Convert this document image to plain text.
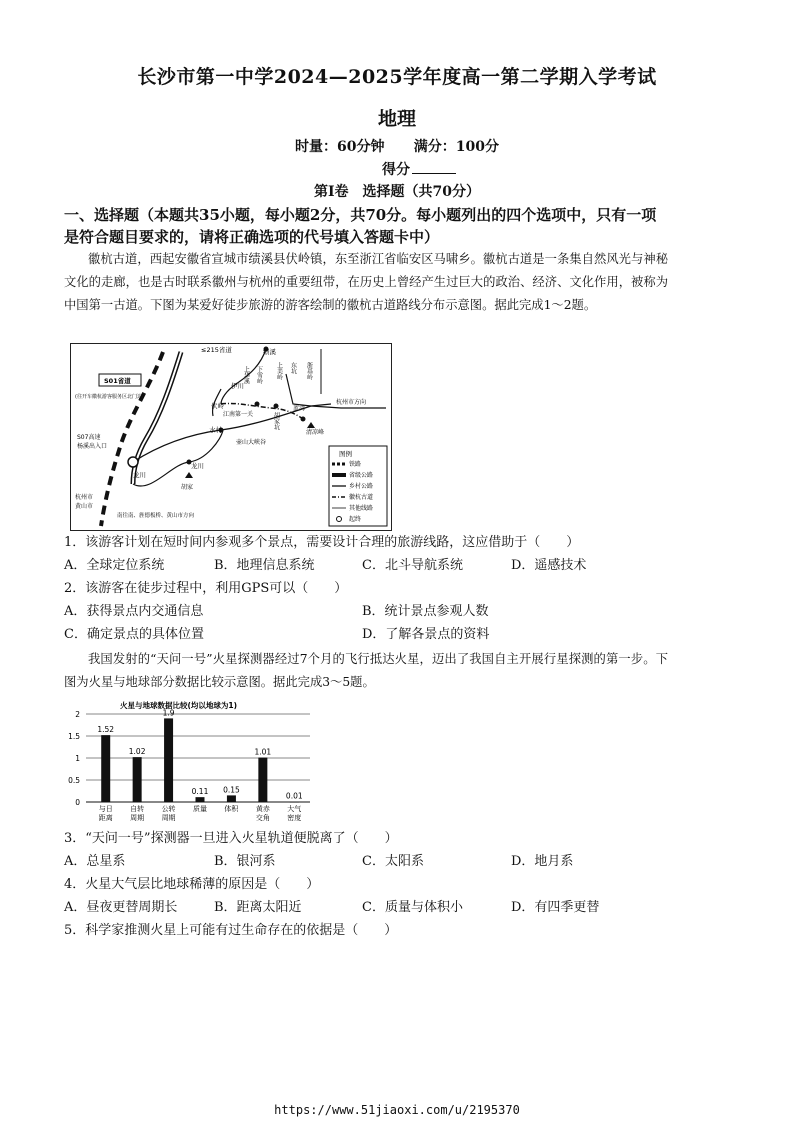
长沙市第一中学2024—2025学年度高一第二学期入学考试
地理
时量：60分钟      满分：100分
得分
第Ⅰ卷　选择题（共70分）
一、选择题（本题共35小题，每小题2分，共70分。每小题列出的四个选项中，只有一项
是符合题目要求的，请将正确选项的代号填入答题卡中）
徽杭古道，西起安徽省宣城市绩溪县伏岭镇，东至浙江省临安区马啸乡。徽杭古道是一条集自然风光与神秘文化的走廊，也是古时联系徽州与杭州的重要纽带，在历史上曾经产生过巨大的政治、经济、文化作用，被称为中国第一古道。下图为某爱好徒步旅游的游客绘制的徽杭古道路线分布示意图。据此完成1～2题。
≤215省道	绩溪
S01省道
(往开车徽杭游客服务区北门边)
S07高速
杨溪出入口
伊川
伏岭
江南第一关
水村
龙川
龙川
胡家
杭州市方向
清凉峰
蓝湾
壶山大峡谷
杭州市
黄山市
南往南、旌德板桥、黄山市方向
上华溪 下雪岭 上美岭 东坑 浙基岭
胡家坑
图例
铁路
省级公路
乡村公路
徽杭古道
其他线路
起终
1．该游客计划在短时间内参观多个景点，需要设计合理的旅游线路，这应借助于（　　）
A．全球定位系统	B．地理信息系统	C．北斗导航系统	D．遥感技术
2．该游客在徒步过程中，利用GPS可以（　　）
A．获得景点内交通信息	B．统计景点参观人数
C．确定景点的具体位置	D．了解各景点的资料
我国发射的“天问一号”火星探测器经过7个月的飞行抵达火星，迈出了我国自主开展行星探测的第一步。下图为火星与地球部分数据比较示意图。据此完成3～5题。
火星与地球数据比较(均以地球为1)
2
1.5
1
0.5
0
1.52
与日距离
1.02
自转周期
1.9
公转周期
0.11
质量
0.15
体积
1.01
黄赤交角
0.01
大气密度
3．“天问一号”探测器一旦进入火星轨道便脱离了（　　）
A．总星系	B．银河系	C．太阳系	D．地月系
4．火星大气层比地球稀薄的原因是（　　）
A．昼夜更替周期长	B．距离太阳近	C．质量与体积小	D．有四季更替
5．科学家推测火星上可能有过生命存在的依据是（　　）
https://www.51jiaoxi.com/u/2195370
